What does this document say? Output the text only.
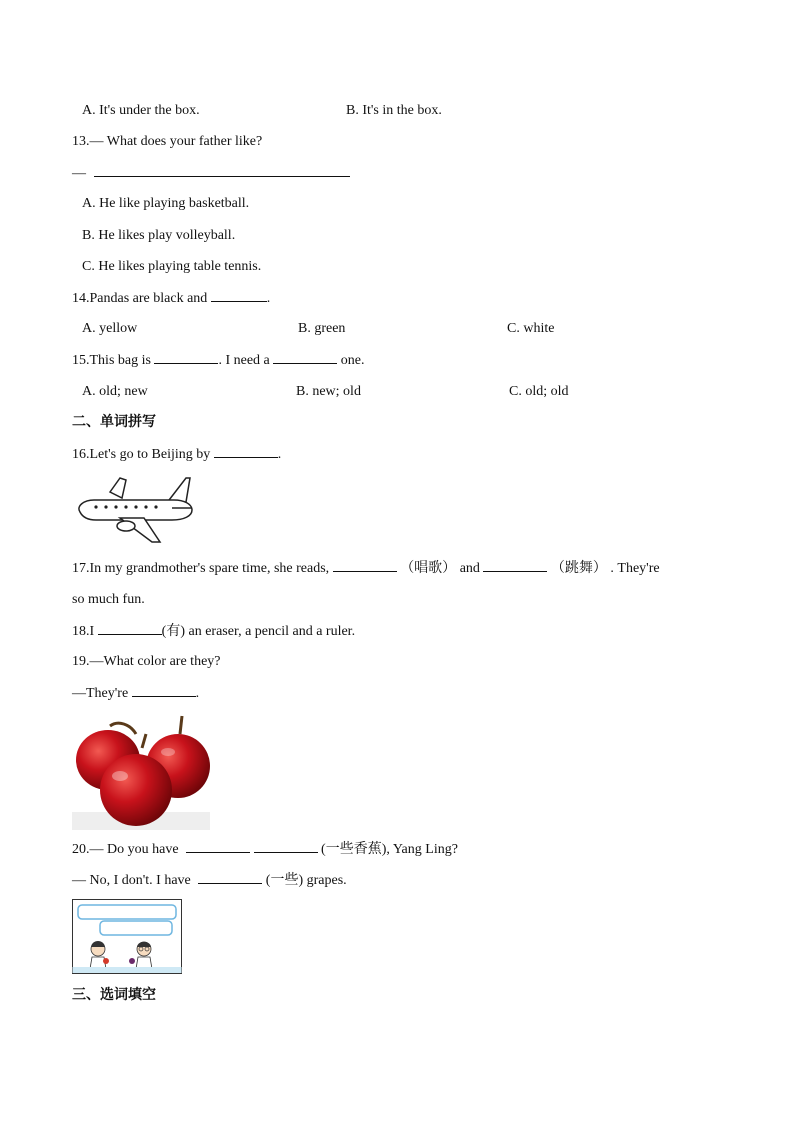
A. It's under the box.	B. It's in the box.
13.— What does your father like?
—
A. He like playing basketball.
B. He likes play volleyball.
C. He likes playing table tennis.
14.Pandas are black and	.
A. yellow	B. green	C. white
15.This bag is	. I need a	one.
A. old; new	B. new; old	C. old; old
二、单词拼写
16.Let's go to Beijing by	.
17.In my grandmother's spare time, she reads,	（唱歌） and	（跳舞） . They're
so much fun.
18.I	(有) an eraser, a pencil and a ruler.
19.—What color are they?
—They're	.
20.— Do you have	(一些香蕉), Yang Ling?
— No, I don't. I have	(一些) grapes.
三、选词填空
